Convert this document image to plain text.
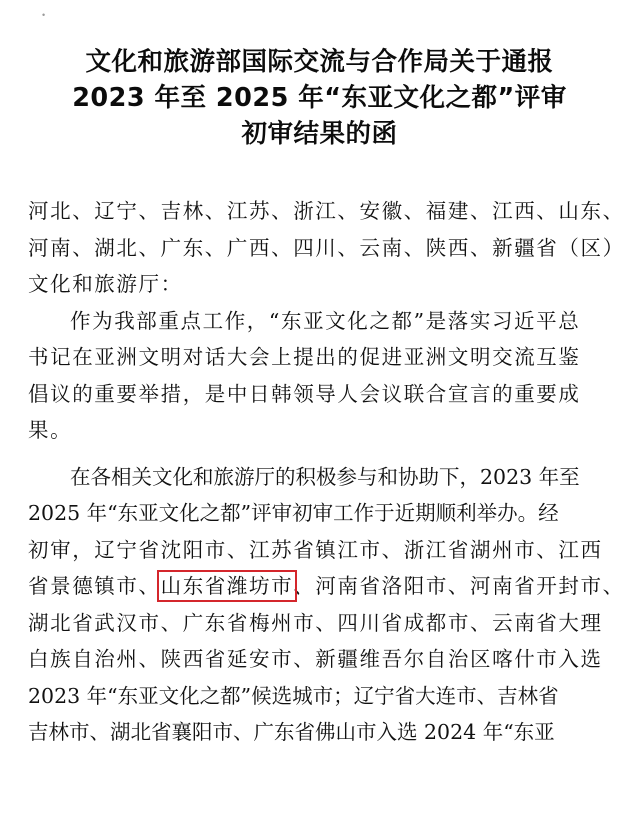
•
文化和旅游部国际交流与合作局关于通报
2023 年至 2025 年“东亚文化之都”评审
初审结果的函
河北、辽宁、吉林、江苏、浙江、安徽、福建、江西、山东、
河南、湖北、广东、广西、四川、云南、陕西、新疆省（区）
文化和旅游厅：
作为我部重点工作，“东亚文化之都”是落实习近平总
书记在亚洲文明对话大会上提出的促进亚洲文明交流互鉴
倡议的重要举措，是中日韩领导人会议联合宣言的重要成
果。
在各相关文化和旅游厅的积极参与和协助下，2023 年至
2025 年“东亚文化之都”评审初审工作于近期顺利举办。经
初审，辽宁省沈阳市、江苏省镇江市、浙江省湖州市、江西
省景德镇市、山东省潍坊市、河南省洛阳市、河南省开封市、
湖北省武汉市、广东省梅州市、四川省成都市、云南省大理
白族自治州、陕西省延安市、新疆维吾尔自治区喀什市入选
2023 年“东亚文化之都”候选城市；辽宁省大连市、吉林省
吉林市、湖北省襄阳市、广东省佛山市入选 2024 年“东亚
